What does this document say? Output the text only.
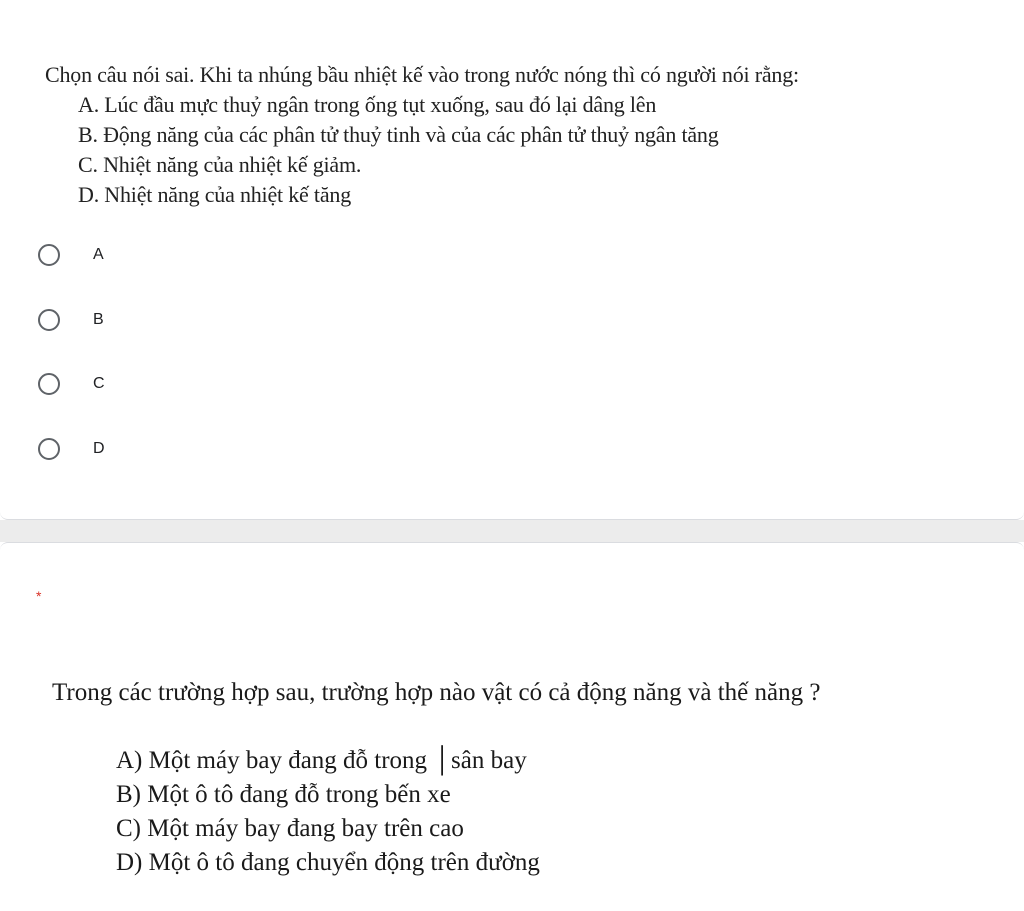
Chọn câu nói sai. Khi ta nhúng bầu nhiệt kế vào trong nước nóng thì có người nói rằng:
A. Lúc đầu mực thuỷ ngân trong ống tụt xuống, sau đó lại dâng lên
B. Động năng của các phân tử thuỷ tinh và của các phân tử thuỷ ngân tăng
C. Nhiệt năng của nhiệt kế giảm.
D. Nhiệt năng của nhiệt kế tăng
A
B
C
D
*
Trong các trường hợp sau, trường hợp nào vật có cả động năng và thế năng ?
A) Một máy bay đang đỗ trong │sân bay
B) Một ô tô đang đỗ trong bến xe
C) Một máy bay đang bay trên cao
D) Một ô tô đang chuyển động trên đường
